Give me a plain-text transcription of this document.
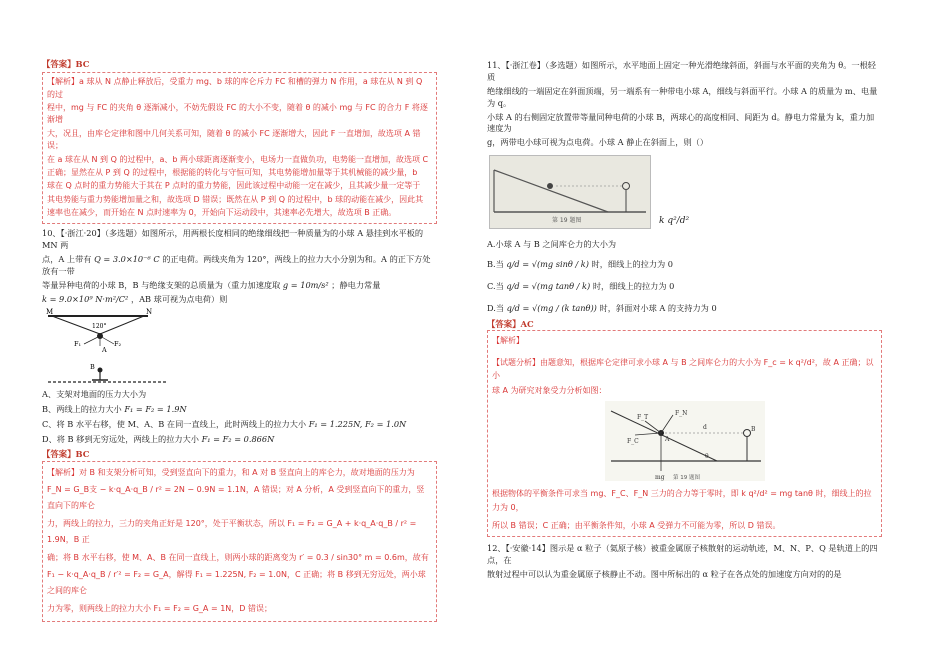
【答案】BC

【解析】a 球从 N 点静止释放后，受重力 mg、b 球的库仑斥力 FC 和槽的弹力 N 作用，a 球在从 N 到 Q 的过

程中，mg 与 FC 的夹角 θ 逐渐减小，不妨先假设 FC 的大小不变，随着 θ 的减小 mg 与 FC 的合力 F 将逐渐增

大，况且，由库仑定律和图中几何关系可知，随着 θ 的减小 FC 逐渐增大，因此 F 一直增加，故选项 A 错误；

在 a 球在从 N 到 Q 的过程中，a、b 两小球距离逐渐变小，电场力一直做负功，电势能一直增加，故选项 C

正确；显然在从 P 到 Q 的过程中，根据能的转化与守恒可知，其电势能增加量等于其机械能的减少量，b

球在 Q 点时的重力势能大于其在 P 点时的重力势能，因此该过程中动能一定在减少，且其减少量一定等于

其电势能与重力势能增加量之和，故选项 D 错误；既然在从 P 到 Q 的过程中，b 球的动能在减少，因此其

速率也在减少，而开始在 N 点时速率为 0，开始向下运动段中，其速率必先增大，故选项 B 正确。

10、【·浙江·20】（多选题）如图所示，用两根长度相同的绝缘细线把一种质量为的小球 A 悬挂到水平板的 MN 两

点，A 上带有 Q = 3.0×10⁻⁶ C 的正电荷。两线夹角为 120°，两线上的拉力大小分别为和。A 的正下方处放有一带

等量异种电荷的小球 B，B 与绝缘支架的总质量为（重力加速度取 g = 10m/s² ；静电力常量

k = 9.0×10⁹ N·m²/C² ，AB 球可视为点电荷）则

M	N
120°
F₁	F₂
A
B

A、支架对地面的压力大小为

B、两线上的拉力大小 F₁ = F₂ = 1.9N

C、将 B 水平右移，使 M、A、B 在同一直线上，此时两线上的拉力大小 F₁ = 1.225N, F₂ = 1.0N

D、将 B 移到无穷远处，两线上的拉力大小 F₁ = F₂ = 0.866N

【答案】BC

【解析】对 B 和支架分析可知，受到竖直向下的重力，和 A 对 B 竖直向上的库仑力，故对地面的压力为

F_N = G_B支 − k·q_A·q_B / r² = 2N − 0.9N = 1.1N，A 错误；对 A 分析，A 受到竖直向下的重力，竖直向下的库仑

力，两线上的拉力，三力的夹角正好是 120°，处于平衡状态，所以 F₁ = F₂ = G_A + k·q_A·q_B / r² = 1.9N，B 正

确；将 B 水平右移，使 M、A、B 在同一直线上，则两小球的距离变为 r′ = 0.3 / sin30° m = 0.6m，故有

F₁ − k·q_A·q_B / r′² = F₂ = G_A，解得 F₁ = 1.225N, F₂ = 1.0N，C 正确；将 B 移到无穷远处，两小球之间的库仑

力为零，则两线上的拉力大小 F₁ = F₂ = G_A = 1N，D 错误；

11、【·浙江卷】（多选题）如图所示，水平地面上固定一种光滑绝缘斜面，斜面与水平面的夹角为 θ。一根轻质

绝缘细线的一端固定在斜面顶端，另一端系有一种带电小球 A，细线与斜面平行。小球 A 的质量为 m、电量为 q。

小球 A 的右侧固定放置带等量同种电荷的小球 B，两球心的高度相同、间距为 d。静电力常量为 k，重力加速度为

g，两带电小球可视为点电荷。小球 A 静止在斜面上，则（）

第 19 题图	k q²/d²

A.小球 A 与 B 之间库仑力的大小为

B.当 q/d = √(mg sinθ / k) 时，细线上的拉力为 0

C.当 q/d = √(mg tanθ / k) 时，细线上的拉力为 0

D.当 q/d = √(mg / (k tanθ)) 时，斜面对小球 A 的支持力为 0

【答案】AC

【解析】

【试题分析】由题意知，根据库仑定律可求小球 A 与 B 之间库仑力的大小为 F_c = k q²/d²，故 A 正确；以小

球 A 为研究对象受力分析如图：

F_T
F_N
F_C
mg
A
B
d
θ
第 19 题图

根据物体的平衡条件可求当 mg、F_C、F_N 三力的合力等于零时，即 k q²/d² = mg tanθ 时，细线上的拉力为 0，

所以 B 错误；C 正确；由平衡条件知，小球 A 受弹力不可能为零，所以 D 错误。

12、【·安徽·14】图示是 α 粒子（氦原子核）被重金属原子核散射的运动轨迹，M、N、P、Q 是轨道上的四点，在

散射过程中可以认为重金属原子核静止不动。图中所标出的 α 粒子在各点处的加速度方向对的的是
